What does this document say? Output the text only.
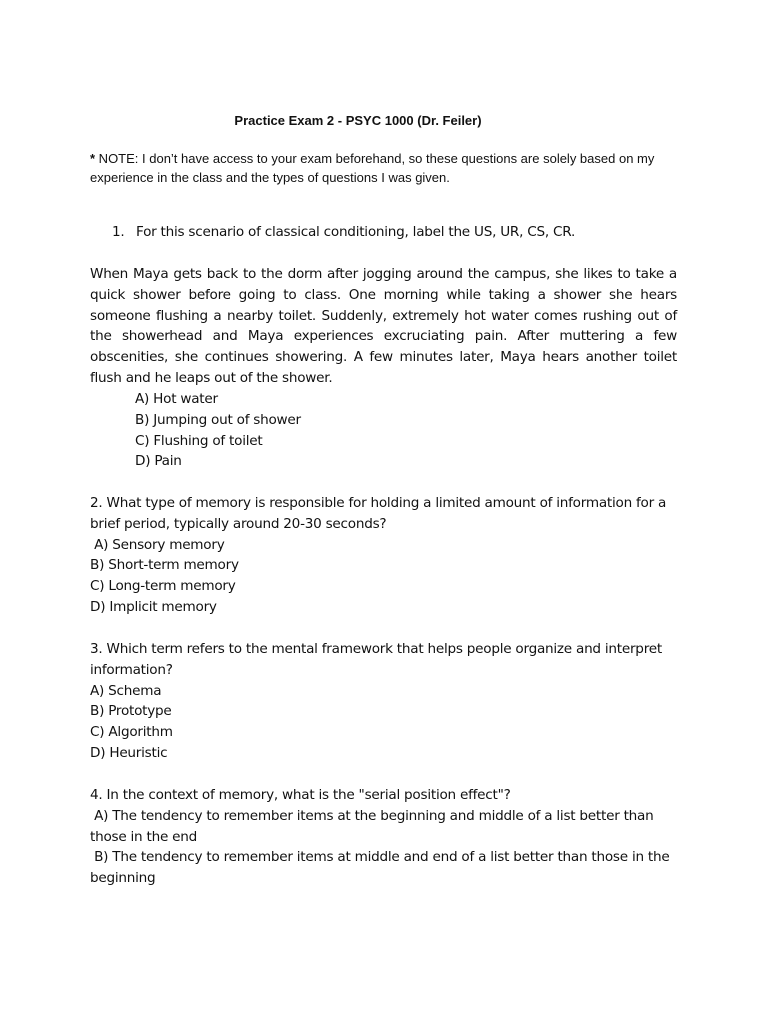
Practice Exam 2 - PSYC 1000 (Dr. Feiler)
* NOTE: I don’t have access to your exam beforehand, so these questions are solely based on my experience in the class and the types of questions I was given.
1. For this scenario of classical conditioning, label the US, UR, CS, CR.
When Maya gets back to the dorm after jogging around the campus, she likes to take a quick shower before going to class. One morning while taking a shower she hears someone flushing a nearby toilet. Suddenly, extremely hot water comes rushing out of the showerhead and Maya experiences excruciating pain. After muttering a few obscenities, she continues showering. A few minutes later, Maya hears another toilet flush and he leaps out of the shower.
A) Hot water
B) Jumping out of shower
C) Flushing of toilet
D) Pain
2. What type of memory is responsible for holding a limited amount of information for a brief period, typically around 20-30 seconds?
A) Sensory memory
B) Short-term memory
C) Long-term memory
D) Implicit memory
3. Which term refers to the mental framework that helps people organize and interpret information?
A) Schema
B) Prototype
C) Algorithm
D) Heuristic
4. In the context of memory, what is the "serial position effect"?
A) The tendency to remember items at the beginning and middle of a list better than those in the end
B) The tendency to remember items at middle and end of a list better than those in the beginning
